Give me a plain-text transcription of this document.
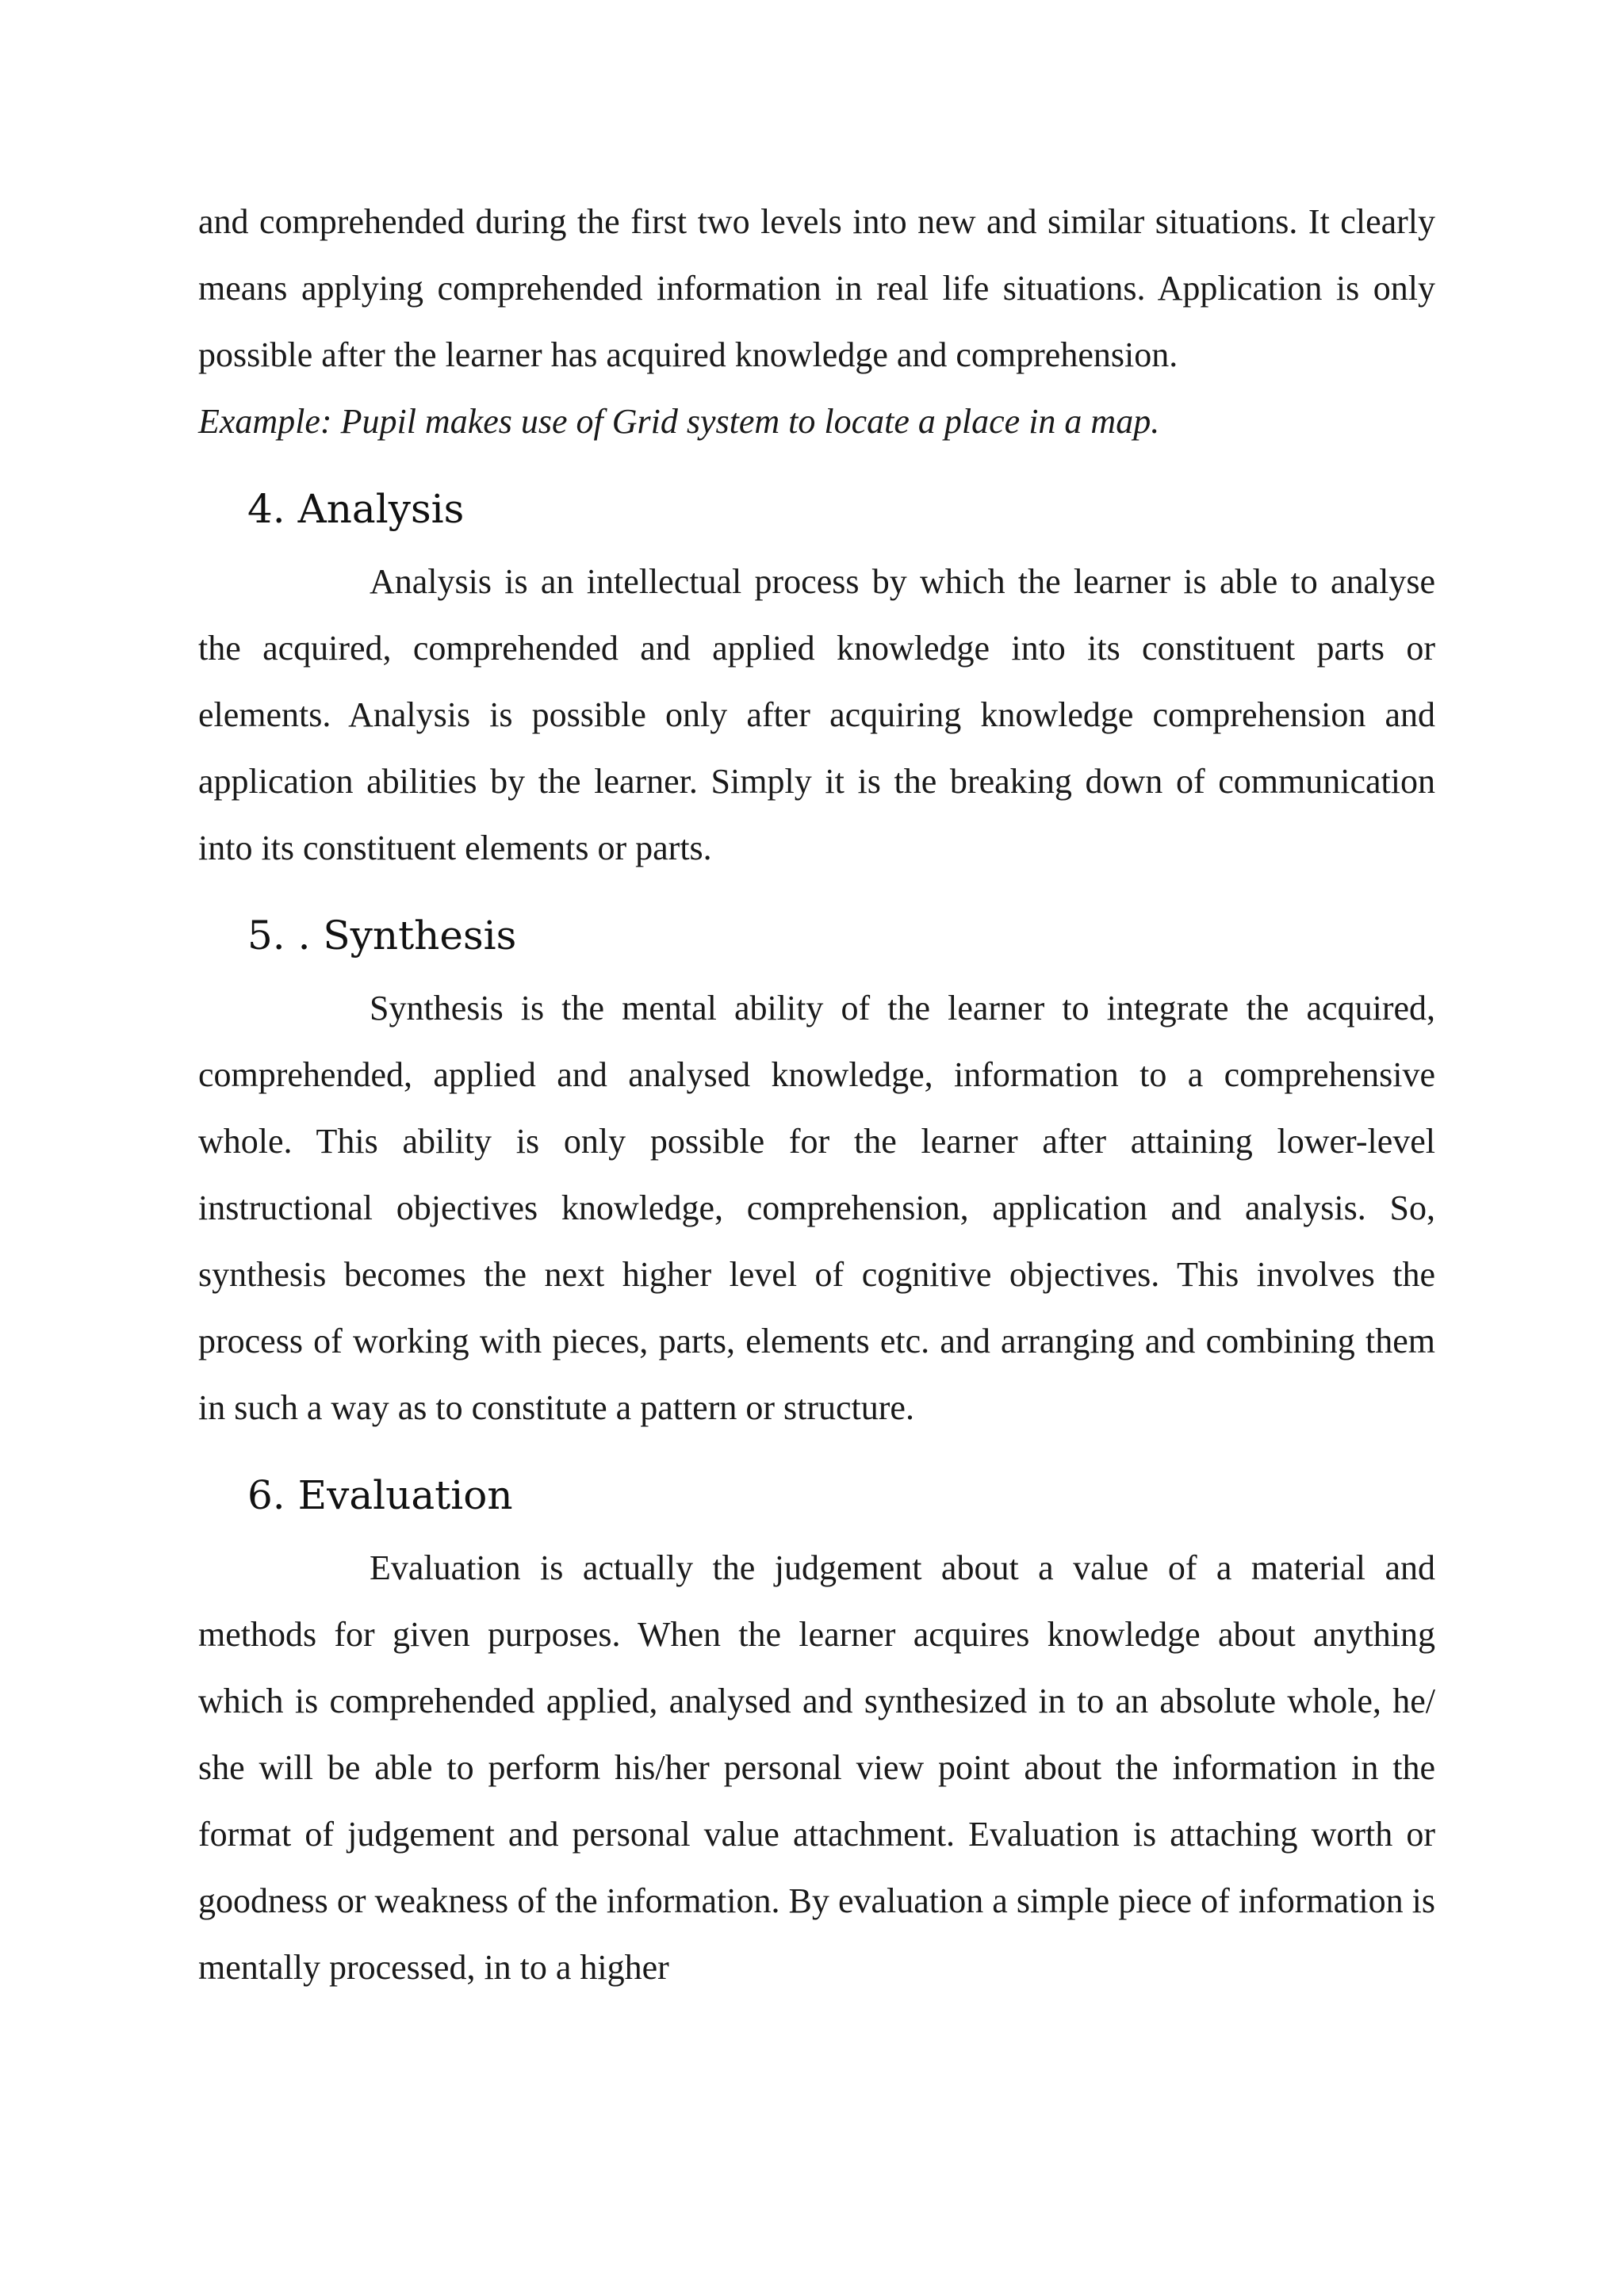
and comprehended during the first two levels into new and similar situations. It clearly means applying comprehended information in real life situations. Application is only possible after the learner has acquired knowledge and comprehension.

Example: Pupil makes use of Grid system to locate a place in a map.

4. Analysis

Analysis is an intellectual process by which the learner is able to analyse the acquired, comprehended and applied knowledge into its constituent parts or elements. Analysis is possible only after acquiring knowledge comprehension and application abilities by the learner. Simply it is the breaking down of communication into its constituent elements or parts.

5. . Synthesis

Synthesis is the mental ability of the learner to integrate the acquired, comprehended, applied and analysed knowledge, information to a comprehensive whole. This ability is only possible for the learner after attaining lower-level instructional objectives knowledge, comprehension, application and analysis. So, synthesis becomes the next higher level of cognitive objectives. This involves the process of working with pieces, parts, elements etc. and arranging and combining them in such a way as to constitute a pattern or structure.

6. Evaluation

Evaluation is actually the judgement about a value of a material and methods for given purposes. When the learner acquires knowledge about anything which is comprehended applied, analysed and synthesized in to an absolute whole, he/ she will be able to perform his/her personal view point about the information in the format of judgement and personal value attachment. Evaluation is attaching worth or goodness or weakness of the information. By evaluation a simple piece of information is mentally processed, in to a higher
